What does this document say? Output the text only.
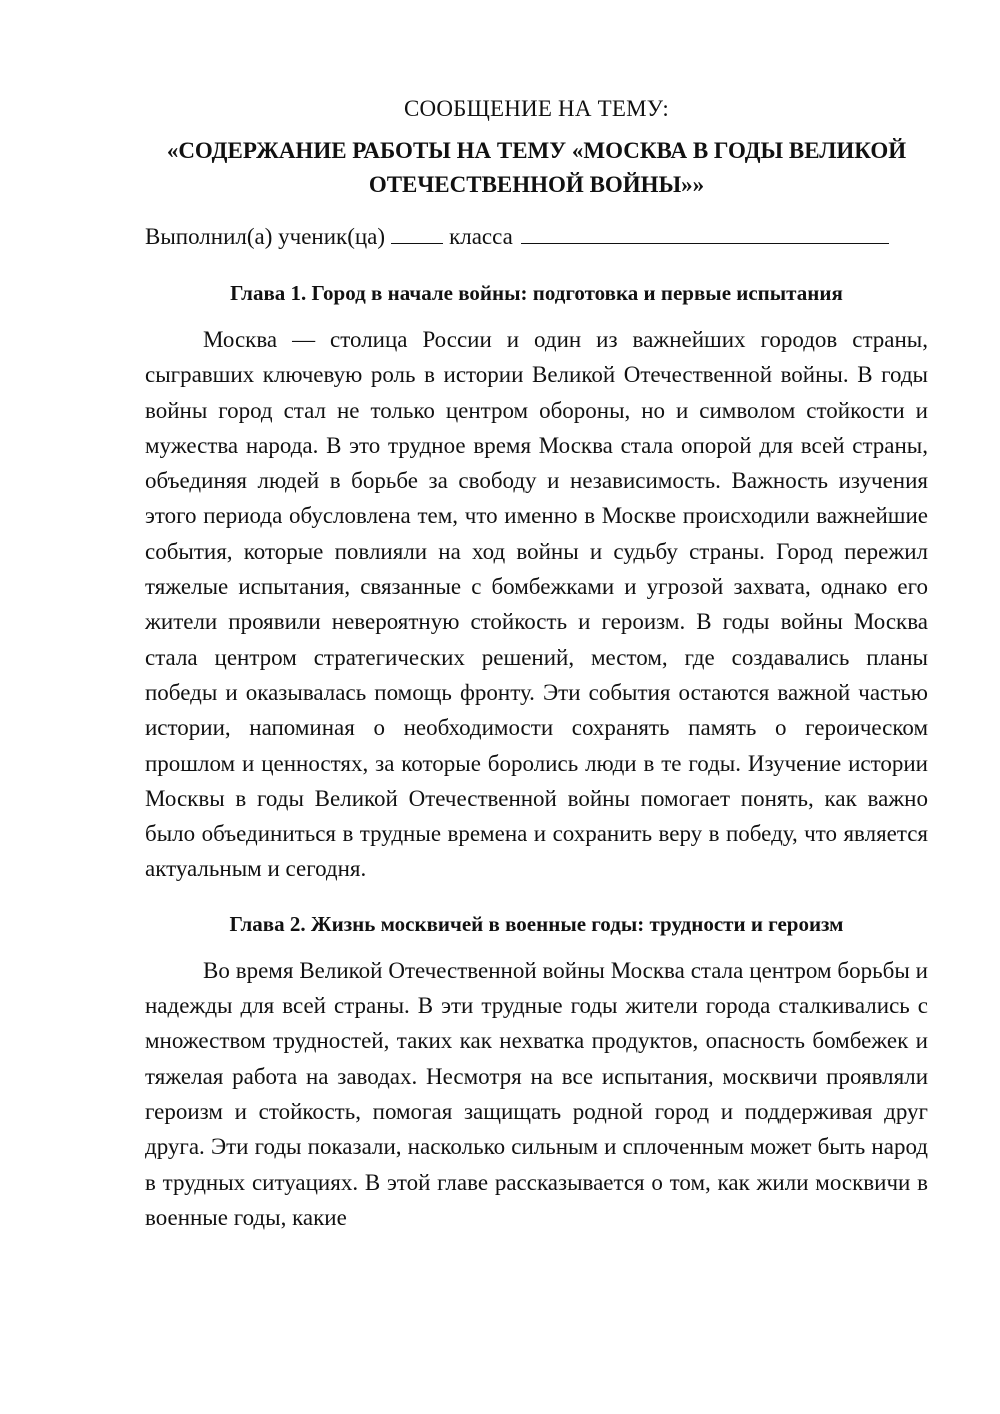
СООБЩЕНИЕ НА ТЕМУ:

«СОДЕРЖАНИЕ РАБОТЫ НА ТЕМУ «МОСКВА В ГОДЫ ВЕЛИКОЙ ОТЕЧЕСТВЕННОЙ ВОЙНЫ»»

Выполнил(а) ученик(ца)	класса

Глава 1. Город в начале войны: подготовка и первые испытания

Москва — столица России и один из важнейших городов страны, сыгравших ключевую роль в истории Великой Отечественной войны. В годы войны город стал не только центром обороны, но и символом стойкости и мужества народа. В это трудное время Москва стала опорой для всей страны, объединяя людей в борьбе за свободу и независимость. Важность изучения этого периода обусловлена тем, что именно в Москве происходили важнейшие события, которые повлияли на ход войны и судьбу страны. Город пережил тяжелые испытания, связанные с бомбежками и угрозой захвата, однако его жители проявили невероятную стойкость и героизм. В годы войны Москва стала центром стратегических решений, местом, где создавались планы победы и оказывалась помощь фронту. Эти события остаются важной частью истории, напоминая о необходимости сохранять память о героическом прошлом и ценностях, за которые боролись люди в те годы. Изучение истории Москвы в годы Великой Отечественной войны помогает понять, как важно было объединиться в трудные времена и сохранить веру в победу, что является актуальным и сегодня.

Глава 2. Жизнь москвичей в военные годы: трудности и героизм

Во время Великой Отечественной войны Москва стала центром борьбы и надежды для всей страны. В эти трудные годы жители города сталкивались с множеством трудностей, таких как нехватка продуктов, опасность бомбежек и тяжелая работа на заводах. Несмотря на все испытания, москвичи проявляли героизм и стойкость, помогая защищать родной город и поддерживая друг друга. Эти годы показали, насколько сильным и сплоченным может быть народ в трудных ситуациях. В этой главе рассказывается о том, как жили москвичи в военные годы, какие
